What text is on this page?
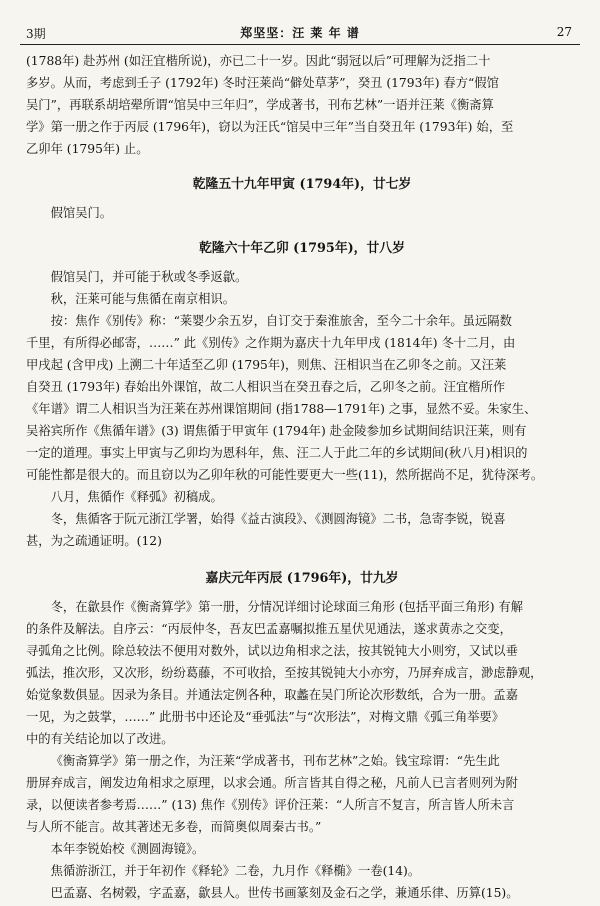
3期	郑坚坚：汪 莱 年 谱	27
(1788年) 赴苏州 (如汪宜楷所说)，亦已二十一岁。因此“弱冠以后”可理解为泛指二十
多岁。从而，考虑到壬子 (1792年) 冬时汪莱尚“僻处草茅”，癸丑 (1793年) 春方“假馆
吴门”，再联系胡培翚所谓“馆吴中三年归”，学成著书，刊布艺林”一语并汪莱《衡斋算
学》第一册之作于丙辰 (1796年)，窃以为汪氏“馆吴中三年”当自癸丑年 (1793年) 始，至
乙卯年 (1795年) 止。
乾隆五十九年甲寅 (1794年)，廿七岁
假馆吴门。
乾隆六十年乙卯 (1795年)，廿八岁
假馆吴门，并可能于秋或冬季返歙。
秋，汪莱可能与焦循在南京相识。
按：焦作《别传》称：“莱婴少余五岁，自订交于秦淮旅舍，至今二十余年。虽远隔数
千里，有所得必邮寄，……” 此《别传》之作期为嘉庆十九年甲戌 (1814年) 冬十二月，由
甲戌起 (含甲戌) 上溯二十年适至乙卯 (1795年)，则焦、汪相识当在乙卯冬之前。又汪莱
自癸丑 (1793年) 春始出外课馆，故二人相识当在癸丑春之后，乙卯冬之前。汪宜楷所作
《年谱》谓二人相识当为汪莱在苏州课馆期间 (指1788—1791年) 之事，显然不妥。朱家生、
吴裕宾所作《焦循年谱》(3) 谓焦循于甲寅年 (1794年) 赴金陵参加乡试期间结识汪莱，则有
一定的道理。事实上甲寅与乙卯均为恩科年，焦、汪二人于此二年的乡试期间(秋八月)相识的
可能性都是很大的。而且窃以为乙卯年秋的可能性要更大一些(11)，然所据尚不足，犹待深考。
八月，焦循作《释弧》初稿成。
冬，焦循客于阮元浙江学署，始得《益古演段》、《测圆海镜》二书，急寄李锐，锐喜
甚，为之疏通证明。(12)
嘉庆元年丙辰 (1796年)，廿九岁
冬，在歙县作《衡斋算学》第一册，分情况详细讨论球面三角形 (包括平面三角形) 有解
的条件及解法。自序云：“丙辰仲冬，吾友巴孟嘉嘱拟推五星伏见通法，遂求黄赤之交变，
寻弧角之比例。除总较法不便用对数外，试以边角相求之法，按其锐钝大小则穷，又试以垂
弧法，推次形，又次形，纷纷葛藤，不可收拾，至按其锐钝大小亦穷，乃屏弃成言，渺虑静观，
始觉象数俱显。因录为条目。并通法定例各种，取蠡在吴门所论次形数纸，合为一册。孟嘉
一见，为之鼓掌，……” 此册书中还论及“垂弧法”与“次形法”，对梅文鼎《弧三角举要》
中的有关结论加以了改进。
《衡斋算学》第一册之作，为汪莱“学成著书，刊布艺林”之始。钱宝琮谓：“先生此
册屏弃成言，阐发边角相求之原理，以求会通。所言皆其自得之秘，凡前人已言者则列为附
录，以便读者参考焉……” (13) 焦作《别传》评价汪莱：“人所言不复言，所言皆人所未言
与人所不能言。故其著述无多卷，而简奥似周秦古书。”
本年李锐始校《测圆海镜》。
焦循游浙江，并于年初作《释轮》二卷，九月作《释椭》一卷(14)。
巴孟嘉、名树榖，字孟嘉，歙县人。世传书画篆刻及金石之学，兼通乐律、历算(15)。
